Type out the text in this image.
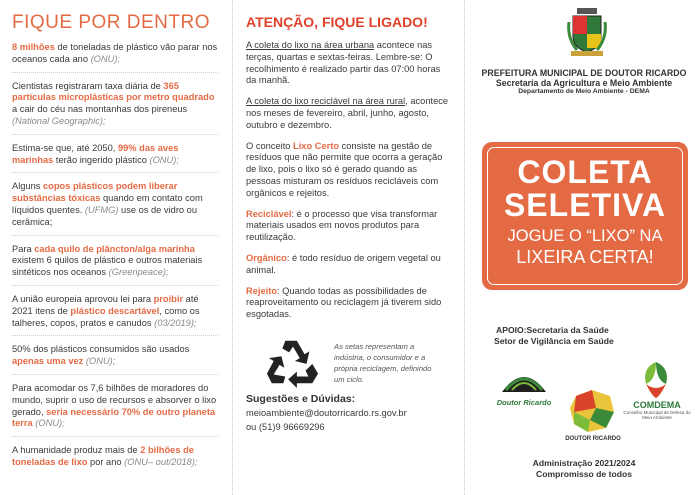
FIQUE POR DENTRO

8 milhões de toneladas de plástico vão parar nos oceanos cada ano (ONU);

Cientistas registraram taxa diária de 365 partículas microplásticas por metro quadrado a cair do céu nas montanhas dos pireneus (National Geographic);

Estima-se que, até 2050, 99% das aves marinhas terão ingerido plástico (ONU);

Alguns copos plásticos podem liberar substâncias tóxicas quando em contato com líquidos quentes. (UFMG) use os de vidro ou cerâmica;

Para cada quilo de plâncton/alga marinha existem 6 quilos de plástico e outros materiais sintéticos nos oceanos (Greenpeace);

A união europeia aprovou lei para proibir até 2021 itens de plástico descartável, como os talheres, copos, pratos e canudos (03/2019);

50% dos plásticos consumidos são usados apenas uma vez (ONU);

Para acomodar os 7,6 bilhões de moradores do mundo, suprir o uso de recursos e absorver o lixo gerado, seria necessário 70% de outro planeta terra (ONU);

A humanidade produz mais de 2 bilhões de toneladas de lixo por ano (ONU– out/2018);

ATENÇÃO, FIQUE LIGADO!

A coleta do lixo na área urbana acontece nas terças, quartas e sextas-feiras. Lembre-se: O recolhimento é realizado partir das 07:00 horas da manhã.

A coleta do lixo reciclável na área rural, acontece nos meses de fevereiro, abril, junho, agosto, outubro e dezembro.

O conceito Lixo Certo consiste na gestão de resíduos que não permite que ocorra a geração de lixo, pois o lixo só é gerado quando as pessoas misturam os resíduos recicláveis com orgânicos e rejeitos.

Reciclável: é o processo que visa transformar materiais usados em novos produtos para reutilização.

Orgânico: é todo resíduo de origem vegetal ou animal.

Rejeito: Quando todas as possibilidades de reaproveitamento ou reciclagem já tiverem sido esgotadas.

As setas representam a indústria, o consumidor e a própria reciclagem, definindo um ciclo.
Sugestões e Dúvidas:
meioambiente@doutorricardo.rs.gov.br
ou (51)9 96669296
PREFEITURA MUNICIPAL DE DOUTOR RICARDO
Secretaria da Agricultura e Meio Ambiente
Departamento de Meio Ambiente - DEMA
COLETA
SELETIVA
JOGUE O “LIXO” NA
LIXEIRA CERTA!
APOIO:Secretaria da Saúde
Setor de Vigilância em Saúde
Doutor Ricardo
DOUTOR RICARDO
COMDEMA
Conselho Municipal de Defesa do Meio Ambiente
Administração 2021/2024
Compromisso de todos
